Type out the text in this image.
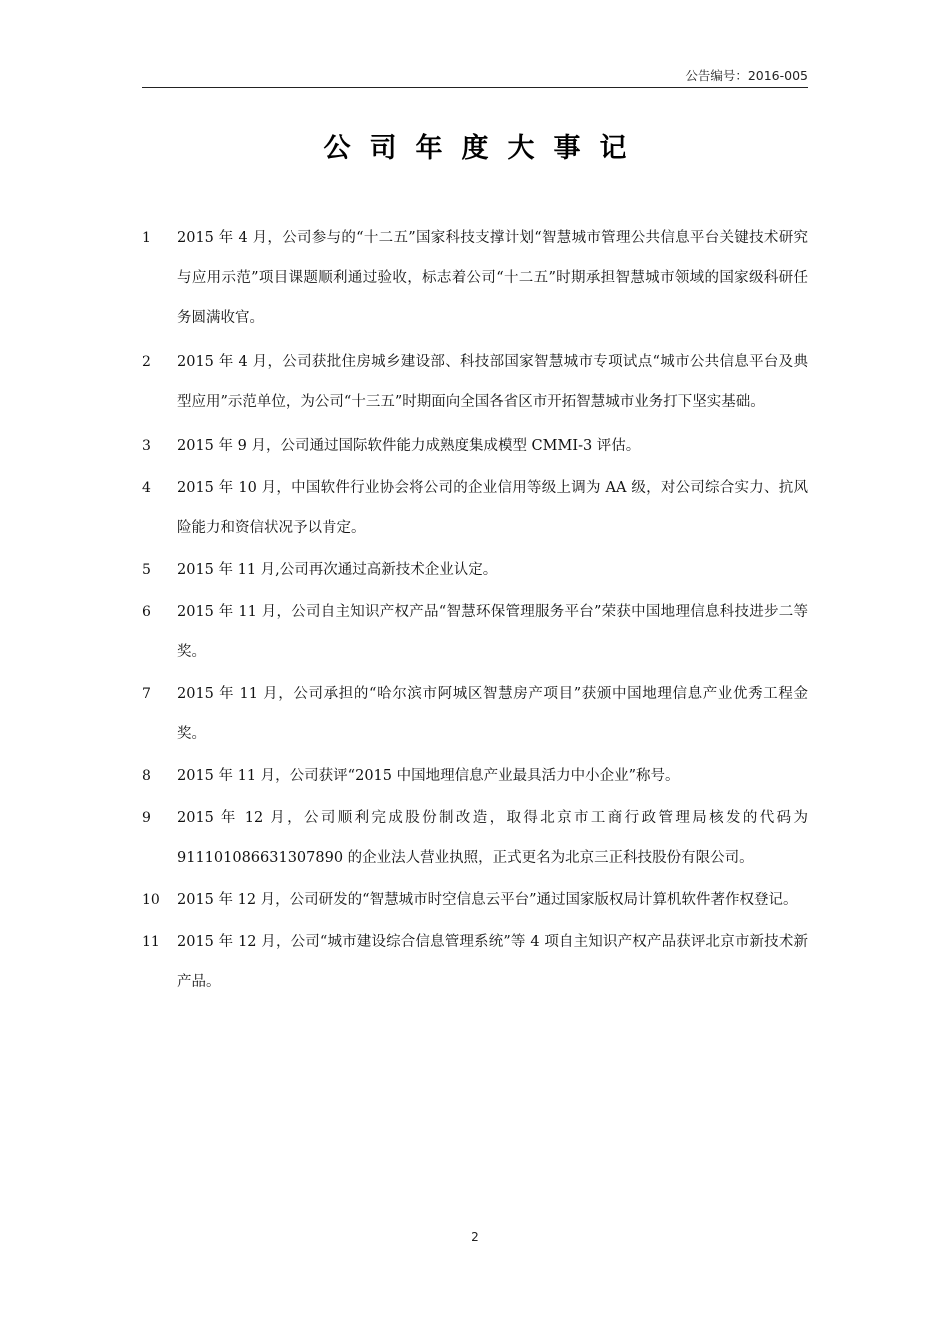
公告编号：2016-005
公司年度大事记
1	2015 年 4 月，公司参与的“十二五”国家科技支撑计划“智慧城市管理公共信息平台关键技术研究与应用示范”项目课题顺利通过验收，标志着公司“十二五”时期承担智慧城市领域的国家级科研任务圆满收官。
2	2015 年 4 月，公司获批住房城乡建设部、科技部国家智慧城市专项试点“城市公共信息平台及典型应用”示范单位，为公司“十三五”时期面向全国各省区市开拓智慧城市业务打下坚实基础。
3	2015 年 9 月，公司通过国际软件能力成熟度集成模型 CMMI-3 评估。
4	2015 年 10 月，中国软件行业协会将公司的企业信用等级上调为 AA 级，对公司综合实力、抗风险能力和资信状况予以肯定。
5	2015 年 11 月,公司再次通过高新技术企业认定。
6	2015 年 11 月，公司自主知识产权产品“智慧环保管理服务平台”荣获中国地理信息科技进步二等奖。
7	2015 年 11 月，公司承担的“哈尔滨市阿城区智慧房产项目”获颁中国地理信息产业优秀工程金奖。
8	2015 年 11 月，公司获评“2015 中国地理信息产业最具活力中小企业”称号。
9	2015 年 12 月，公司顺利完成股份制改造，取得北京市工商行政管理局核发的代码为 911101086631307890 的企业法人营业执照，正式更名为北京三正科技股份有限公司。
10	2015 年 12 月，公司研发的“智慧城市时空信息云平台”通过国家版权局计算机软件著作权登记。
11	2015 年 12 月，公司“城市建设综合信息管理系统”等 4 项自主知识产权产品获评北京市新技术新产品。
2
